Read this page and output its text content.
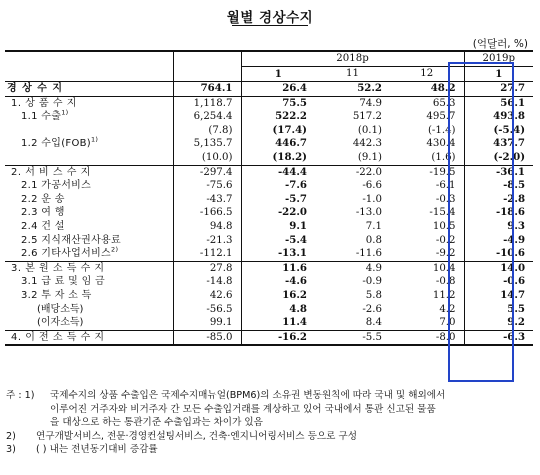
월별 경상수지
(억달러, %)
		2018p			2019p
		1	11	12	1
경 상 수 지	764.1	26.4	52.2	48.2	27.7
1. 상 품 수 지	1,118.7	75.5	74.9	65.3	56.1
1.1 수출$^{1)}$	6,254.4	522.2	517.2	495.7	493.8
	(7.8)	(17.4)	(0.1)	(-1.4)	(-5.4)
1.2 수입(FOB)$^{1)}$	5,135.7	446.7	442.3	430.4	437.7
	(10.0)	(18.2)	(9.1)	(1.6)	(-2.0)
2. 서 비 스 수 지	-297.4	-44.4	-22.0	-19.5	-36.1
2.1 가공서비스	-75.6	-7.6	-6.6	-6.1	-8.5
2.2 운 송	-43.7	-5.7	-1.0	-0.3	-2.8
2.3 여 행	-166.5	-22.0	-13.0	-15.4	-18.6
2.4 건 설	94.8	9.1	7.1	10.5	9.3
2.5 지식재산권사용료	-21.3	-5.4	0.8	-0.2	-4.9
2.6 기타사업서비스$^{2)}$	-112.1	-13.1	-11.6	-9.2	-10.6
3. 본 원 소 득 수 지	27.8	11.6	4.9	10.4	14.0
3.1 급 료 및 임 금	-14.8	-4.6	-0.9	-0.8	-0.6
3.2 투 자 소 득	42.6	16.2	5.8	11.2	14.7
(배당소득)	-56.5	4.8	-2.6	4.2	5.5
(이자소득)	99.1	11.4	8.4	7.0	9.2
4. 이 전 소 득 수 지	-85.0	-16.2	-5.5	-8.0	-6.3
주 : 1)	국제수지의 상품 수출입은 국제수지매뉴얼(BPM6)의 소유권 변동원칙에 따라 국내 및 해외에서
이루어진 거주자와 비거주자 간 모든 수출입거래를 계상하고 있어 국내에서 통관 신고된 물품
을 대상으로 하는 통관기준 수출입과는 차이가 있음
2)	연구개발서비스, 전문·경영컨설팅서비스, 건축·엔지니어링서비스 등으로 구성
3)	( ) 내는 전년동기대비 증감률
